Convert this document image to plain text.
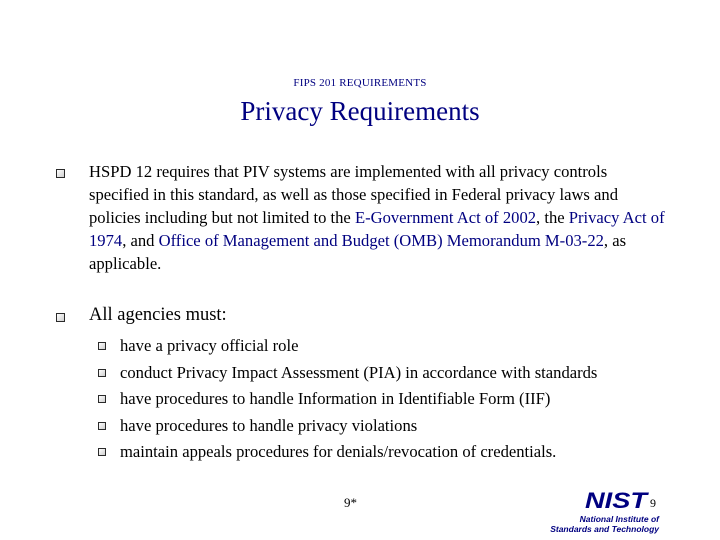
FIPS 201 REQUIREMENTS
Privacy Requirements
HSPD 12 requires that PIV systems are implemented with all privacy controls specified in this standard, as well as those specified in Federal privacy laws and policies including but not limited to the E-Government Act of 2002, the Privacy Act of 1974, and Office of Management and Budget (OMB) Memorandum M-03-22, as applicable.
All agencies must:
have a privacy official role
conduct Privacy Impact Assessment (PIA) in accordance with standards
have procedures to handle Information in Identifiable Form (IIF)
have procedures to handle privacy violations
maintain appeals procedures for denials/revocation of credentials.
9*	NIST
National Institute of
Standards and Technology
9
